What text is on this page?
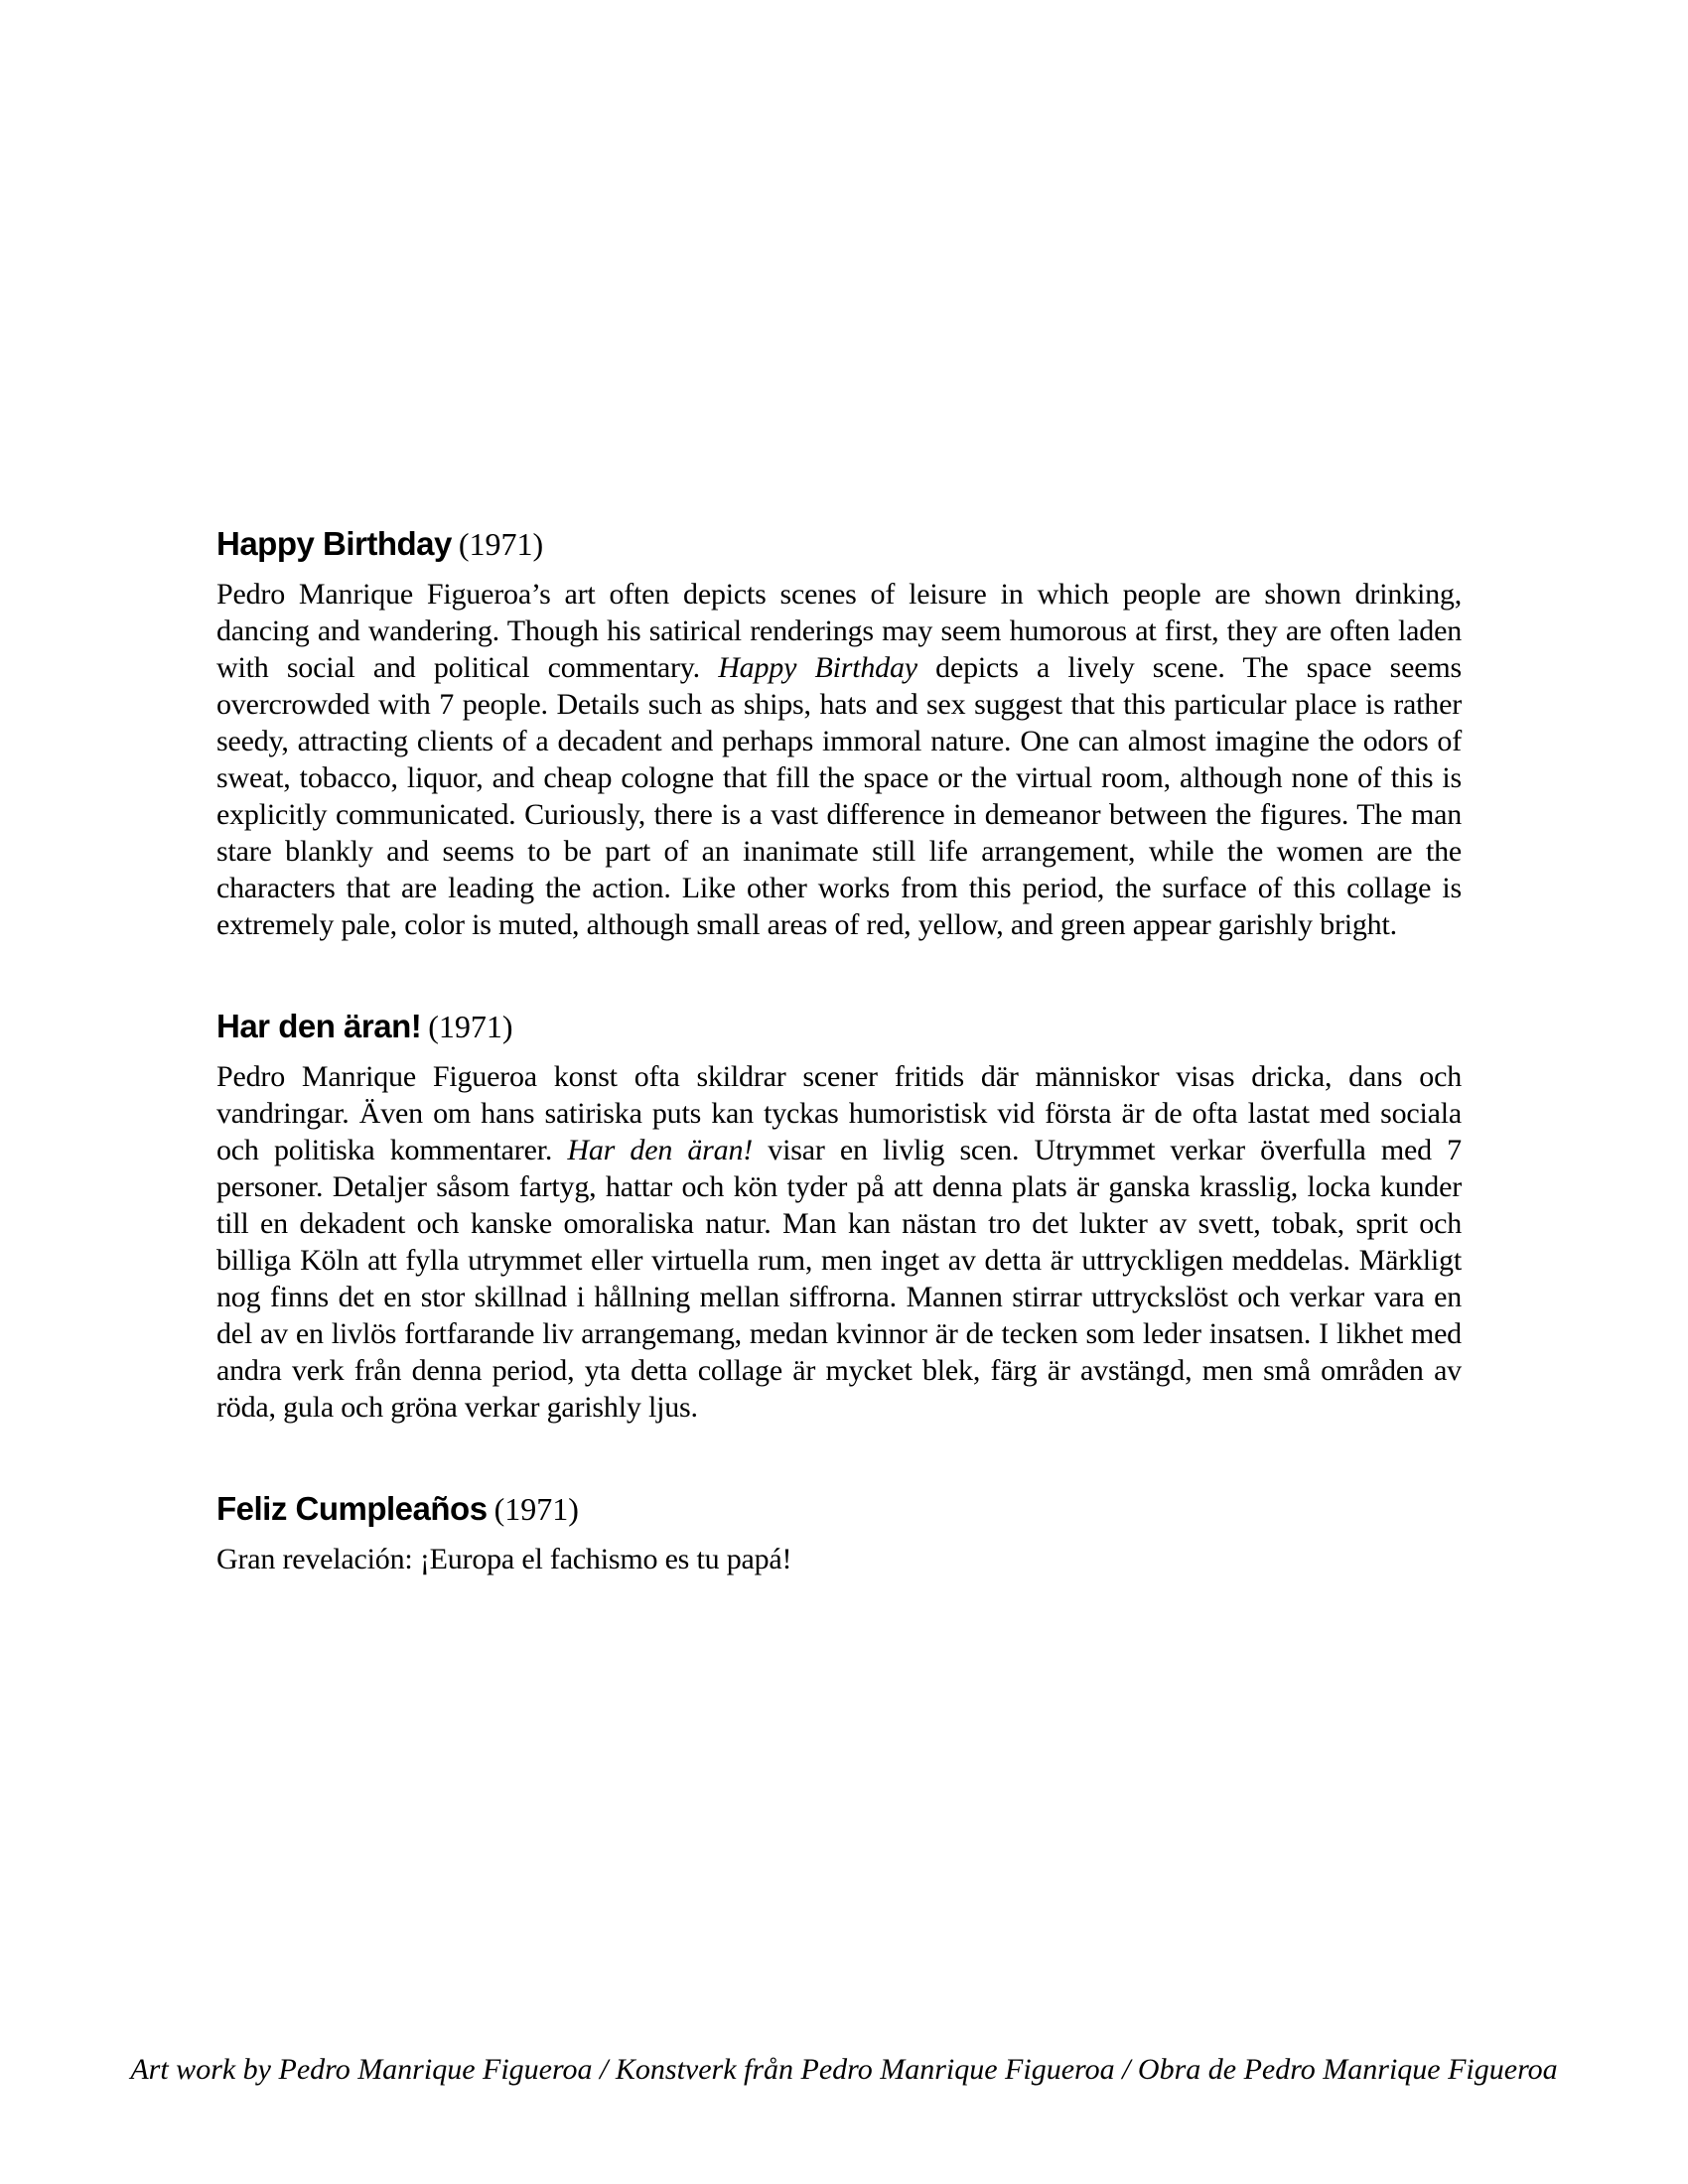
Happy Birthday (1971)

Pedro Manrique Figueroa’s art often depicts scenes of leisure in which people are shown drinking, dancing and wandering. Though his satirical renderings may seem humorous at first, they are often laden with social and political commentary. Happy Birthday depicts a lively scene. The space seems overcrowded with 7 people. Details such as ships, hats and sex suggest that this particular place is rather seedy, attracting clients of a decadent and perhaps immoral nature. One can almost imagine the odors of sweat, tobacco, liquor, and cheap cologne that fill the space or the virtual room, although none of this is explicitly communicated. Curiously, there is a vast difference in demeanor between the figures. The man stare blankly and seems to be part of an inanimate still life arrangement, while the women are the characters that are leading the action. Like other works from this period, the surface of this collage is extremely pale, color is muted, although small areas of red, yellow, and green appear garishly bright.

Har den äran! (1971)

Pedro Manrique Figueroa konst ofta skildrar scener fritids där människor visas dricka, dans och vandringar. Även om hans satiriska puts kan tyckas humoristisk vid första är de ofta lastat med sociala och politiska kommentarer. Har den äran! visar en livlig scen. Utrymmet verkar överfulla med 7 personer. Detaljer såsom fartyg, hattar och kön tyder på att denna plats är ganska krasslig, locka kunder till en dekadent och kanske omoraliska natur. Man kan nästan tro det lukter av svett, tobak, sprit och billiga Köln att fylla utrymmet eller virtuella rum, men inget av detta är uttryckligen meddelas. Märkligt nog finns det en stor skillnad i hållning mellan siffrorna. Mannen stirrar uttryckslöst och verkar vara en del av en livlös fortfarande liv arrangemang, medan kvinnor är de tecken som leder insatsen. I likhet med andra verk från denna period, yta detta collage är mycket blek, färg är avstängd, men små områden av röda, gula och gröna verkar garishly ljus.

Feliz Cumpleaños (1971)

Gran revelación: ¡Europa el fachismo es tu papá!

Art work by Pedro Manrique Figueroa / Konstverk från Pedro Manrique Figueroa / Obra de Pedro Manrique Figueroa
